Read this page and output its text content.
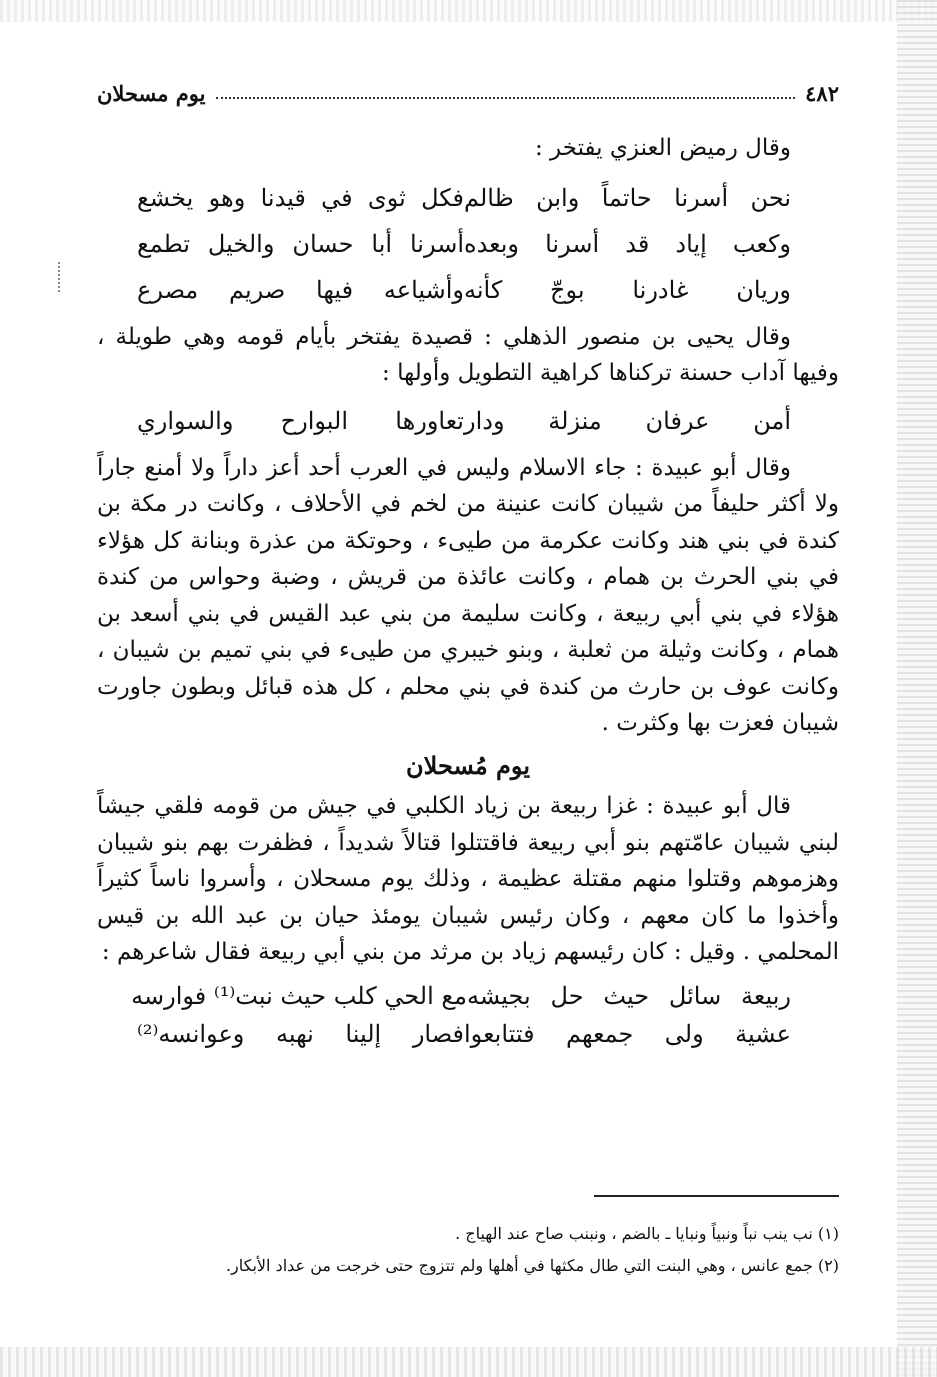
٤٨٢
يوم مسحلان
وقال رميض العنزي يفتخر :
نحن أسرنا حاتماً وابن ظالم
فكل ثوى في قيدنا وهو يخشع
وكعب إياد قد أسرنا وبعده
أسرنا أبا حسان والخيل تطمع
وريان غادرنا بوجّ كأنه
وأشياعه فيها صريم مصرع
وقال يحيى بن منصور الذهلي : قصيدة يفتخر بأيام قومه وهي طويلة ، وفيها آداب حسنة تركناها كراهية التطويل وأولها :
أمن عرفان منزلة ودار
تعاورها البوارح والسواري
وقال أبو عبيدة : جاء الاسلام وليس في العرب أحد أعز داراً ولا أمنع جاراً ولا أكثر حليفاً من شيبان كانت عنينة من لخم في الأحلاف ، وكانت در مكة بن كندة في بني هند وكانت عكرمة من طيىء ، وحوتكة من عذرة وبنانة كل هؤلاء في بني الحرث بن همام ، وكانت عائذة من قريش ، وضبة وحواس من كندة هؤلاء في بني أبي ربيعة ، وكانت سليمة من بني عبد القيس في بني أسعد بن همام ، وكانت وثيلة من ثعلبة ، وبنو خيبري من طيىء في بني تميم بن شيبان ، وكانت عوف بن حارث من كندة في بني محلم ، كل هذه قبائل وبطون جاورت شيبان فعزت بها وكثرت .
يوم مُسحلان
قال أبو عبيدة : غزا ربيعة بن زياد الكلبي في جيش من قومه فلقي جيشاً لبني شيبان عامّتهم بنو أبي ربيعة فاقتتلوا قتالاً شديداً ، فظفرت بهم بنو شيبان وهزموهم وقتلوا منهم مقتلة عظيمة ، وذلك يوم مسحلان ، وأسروا ناساً كثيراً وأخذوا ما كان معهم ، وكان رئيس شيبان يومئذ حيان بن عبد الله بن قيس المحلمي . وقيل : كان رئيسهم زياد بن مرثد من بني أبي ربيعة فقال شاعرهم :
ربيعة سائل حيث حل بجيشه
مع الحي كلب حيث نبت⁽¹⁾ فوارسه
عشية ولى جمعهم فتتابعوا
فصار إلينا نهبه وعوانسه⁽²⁾
(١) نب ينب نباً ونبياً ونبايا ـ بالضم ، ونبنب صاح عند الهياج .
(٢) جمع عانس ، وهي البنت التي طال مكثها في أهلها ولم تتزوج حتى خرجت من عداد الأبكار.
